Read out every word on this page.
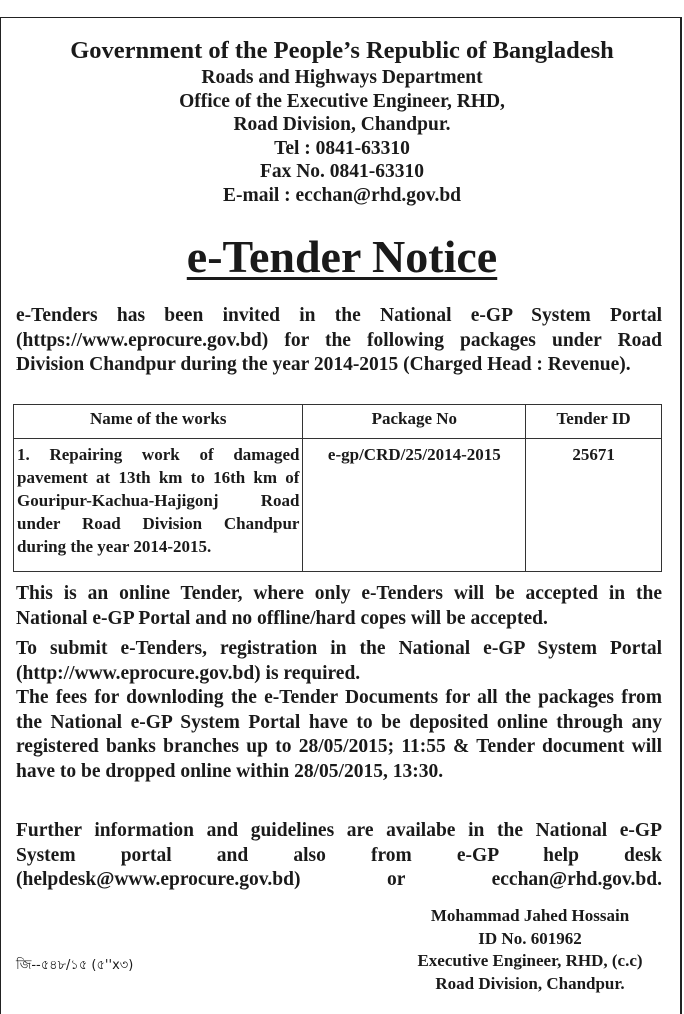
Government of the People’s Republic of Bangladesh
Roads and Highways Department
Office of the Executive Engineer, RHD,
Road Division, Chandpur.
Tel : 0841-63310
Fax No. 0841-63310
E-mail : ecchan@rhd.gov.bd
e-Tender Notice
e-Tenders has been invited in the National e-GP System Portal (https://www.eprocure.gov.bd) for the following packages under Road Division Chandpur during the year 2014-2015 (Charged Head : Revenue).
Name of the works	Package No	Tender ID
1. Repairing work of damaged pavement at 13th km to 16th km of Gouripur-Kachua-Hajigonj Road under Road Division Chandpur during the year 2014-2015.	e-gp/CRD/25/2014-2015	25671
This is an online Tender, where only e-Tenders will be accepted in the National e-GP Portal and no offline/hard copes will be accepted.
To submit e-Tenders, registration in the National e-GP System Portal (http://www.eprocure.gov.bd) is required.
The fees for downloding the e-Tender Documents for all the packages from the National e-GP System Portal have to be deposited online through any registered banks branches up to 28/05/2015; 11:55 & Tender document will have to be dropped online within 28/05/2015, 13:30.
Further information and guidelines are availabe in the National e-GP System portal and also from e-GP help desk (helpdesk@www.eprocure.gov.bd) or ecchan@rhd.gov.bd.
Mohammad Jahed Hossain
ID No. 601962
Executive Engineer, RHD, (c.c)
Road Division, Chandpur.
জি--৫৪৮/১৫ (৫''x৩)
